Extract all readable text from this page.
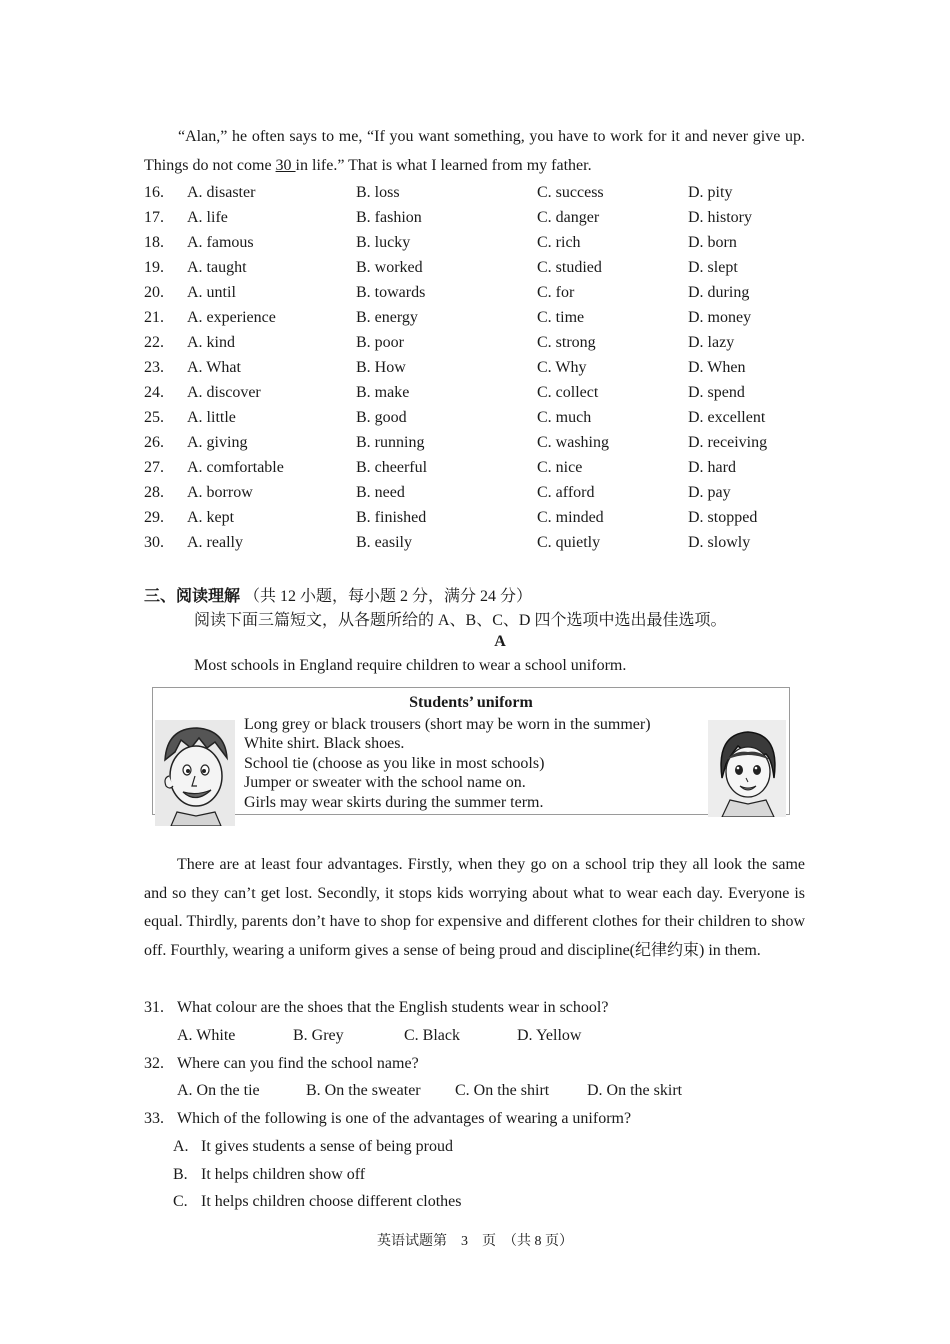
“Alan,” he often says to me, “If you want something, you have to work for it and never give up. Things do not come 30 in life.” That is what I learned from my father.
16. A. disaster	B. loss	C. success	D. pity
17. A. life	B. fashion	C. danger	D. history
18. A. famous	B. lucky	C. rich	D. born
19. A. taught	B. worked	C. studied	D. slept
20. A. until	B. towards	C. for	D. during
21. A. experience	B. energy	C. time	D. money
22. A. kind	B. poor	C. strong	D. lazy
23. A. What	B. How	C. Why	D. When
24. A. discover	B. make	C. collect	D. spend
25. A. little	B. good	C. much	D. excellent
26. A. giving	B. running	C. washing	D. receiving
27. A. comfortable	B. cheerful	C. nice	D. hard
28. A. borrow	B. need	C. afford	D. pay
29. A. kept	B. finished	C. minded	D. stopped
30. A. really	B. easily	C. quietly	D. slowly
三、阅读理解 （共 12 小题，每小题 2 分，满分 24 分）
阅读下面三篇短文，从各题所给的 A、B、C、D 四个选项中选出最佳选项。
A
Most schools in England require children to wear a school uniform.
Students’ uniform
Long grey or black trousers (short may be worn in the summer)
White shirt. Black shoes.
School tie (choose as you like in most schools)
Jumper or sweater with the school name on.
Girls may wear skirts during the summer term.
There are at least four advantages. Firstly, when they go on a school trip they all look the same and so they can’t get lost. Secondly, it stops kids worrying about what to wear each day. Everyone is equal. Thirdly, parents don’t have to shop for expensive and different clothes for their children to show off. Fourthly, wearing a uniform gives a sense of being proud and discipline(纪律约束) in them.
31. What colour are the shoes that the English students wear in school?
A. White	B. Grey	C. Black	D. Yellow
32. Where can you find the school name?
A. On the tie	B. On the sweater C. On the shirt D. On the skirt
33. Which of the following is one of the advantages of wearing a uniform?
A. It gives students a sense of being proud
B. It helps children show off
C. It helps children choose different clothes
英语试题第　3　页　（共 8 页）
